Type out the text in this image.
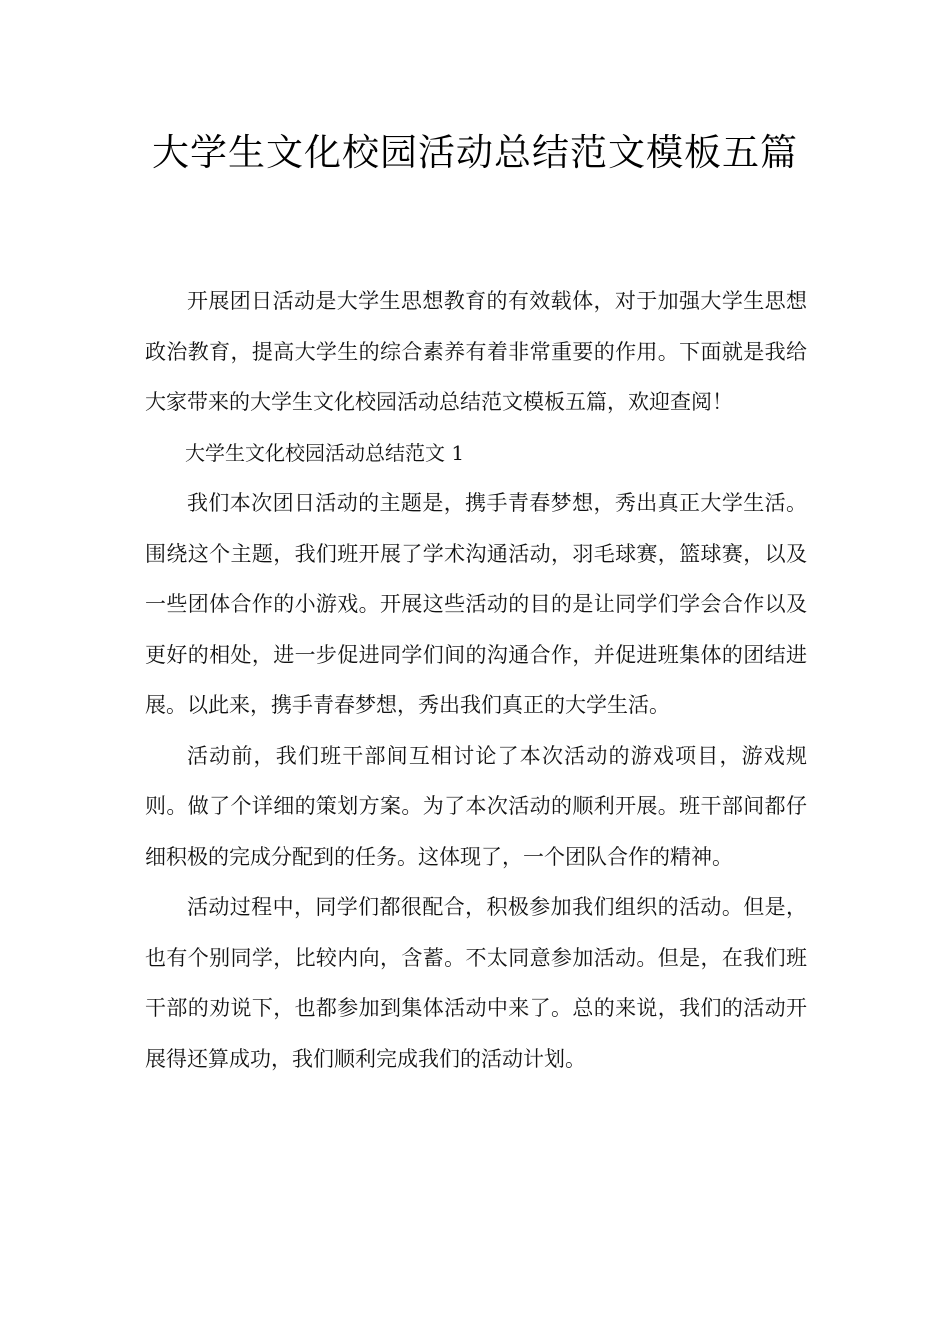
大学生文化校园活动总结范文模板五篇

开展团日活动是大学生思想教育的有效载体，对于加强大学生思想政治教育，提高大学生的综合素养有着非常重要的作用。下面就是我给大家带来的大学生文化校园活动总结范文模板五篇，欢迎查阅！

大学生文化校园活动总结范文 1

我们本次团日活动的主题是，携手青春梦想，秀出真正大学生活。围绕这个主题，我们班开展了学术沟通活动，羽毛球赛，篮球赛，以及一些团体合作的小游戏。开展这些活动的目的是让同学们学会合作以及更好的相处，进一步促进同学们间的沟通合作，并促进班集体的团结进展。以此来，携手青春梦想，秀出我们真正的大学生活。

活动前，我们班干部间互相讨论了本次活动的游戏项目，游戏规则。做了个详细的策划方案。为了本次活动的顺利开展。班干部间都仔细积极的完成分配到的任务。这体现了，一个团队合作的精神。

活动过程中，同学们都很配合，积极参加我们组织的活动。但是，也有个别同学，比较内向，含蓄。不太同意参加活动。但是，在我们班干部的劝说下，也都参加到集体活动中来了。总的来说，我们的活动开展得还算成功，我们顺利完成我们的活动计划。
